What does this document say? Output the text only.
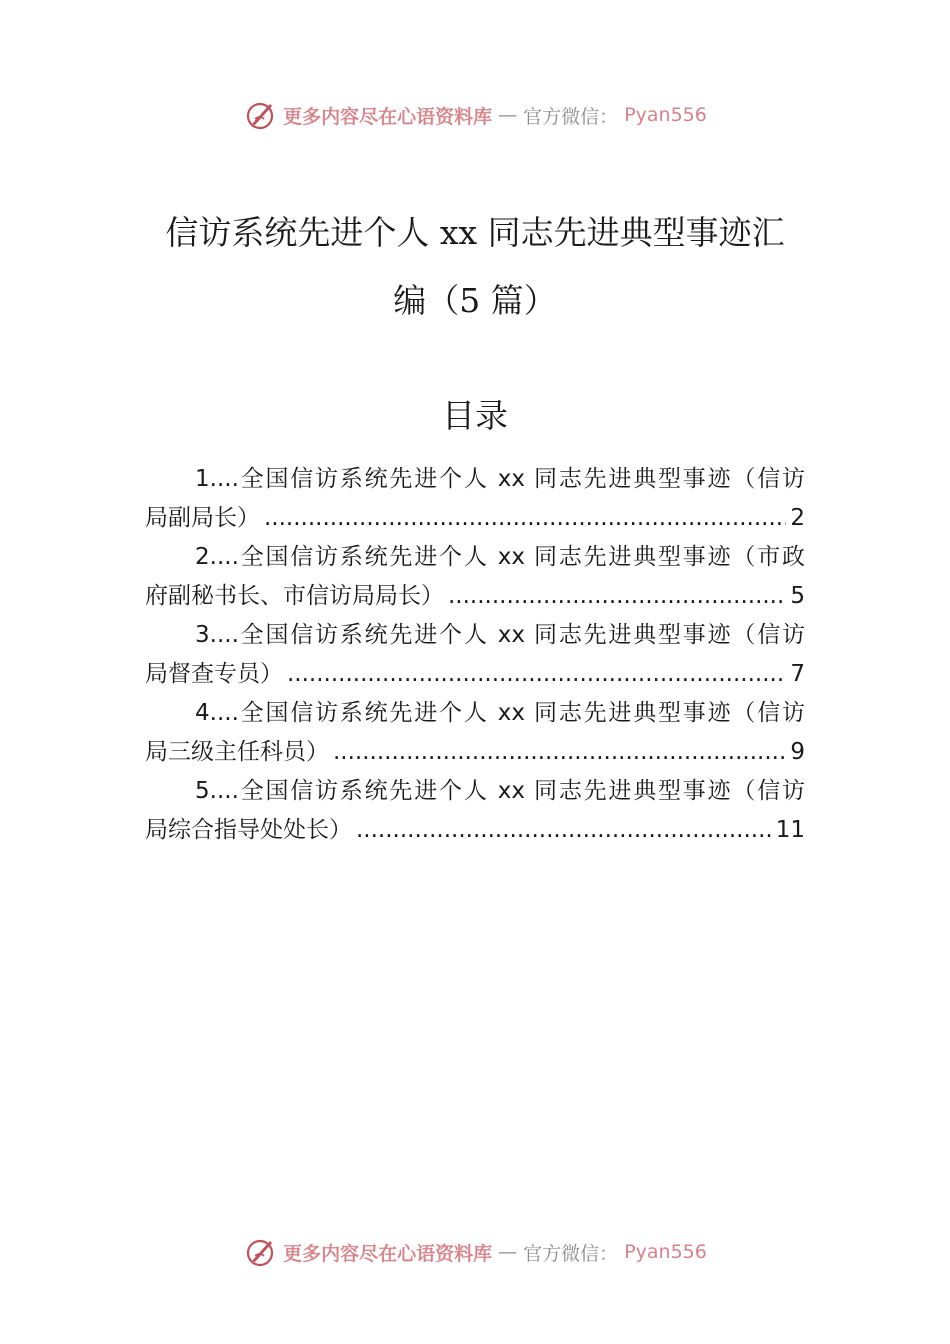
更多内容尽在心语资料库 — 官方微信： Pyan556
信访系统先进个人 xx 同志先进典型事迹汇
编（5 篇）
目录
1....全国信访系统先进个人 xx 同志先进典型事迹（信访
局副局长） .....	2
2....全国信访系统先进个人 xx 同志先进典型事迹（市政
府副秘书长、市信访局局长） .....	5
3....全国信访系统先进个人 xx 同志先进典型事迹（信访
局督查专员） .....	7
4....全国信访系统先进个人 xx 同志先进典型事迹（信访
局三级主任科员） .....	9
5....全国信访系统先进个人 xx 同志先进典型事迹（信访
局综合指导处处长） .....	11
更多内容尽在心语资料库 — 官方微信： Pyan556
